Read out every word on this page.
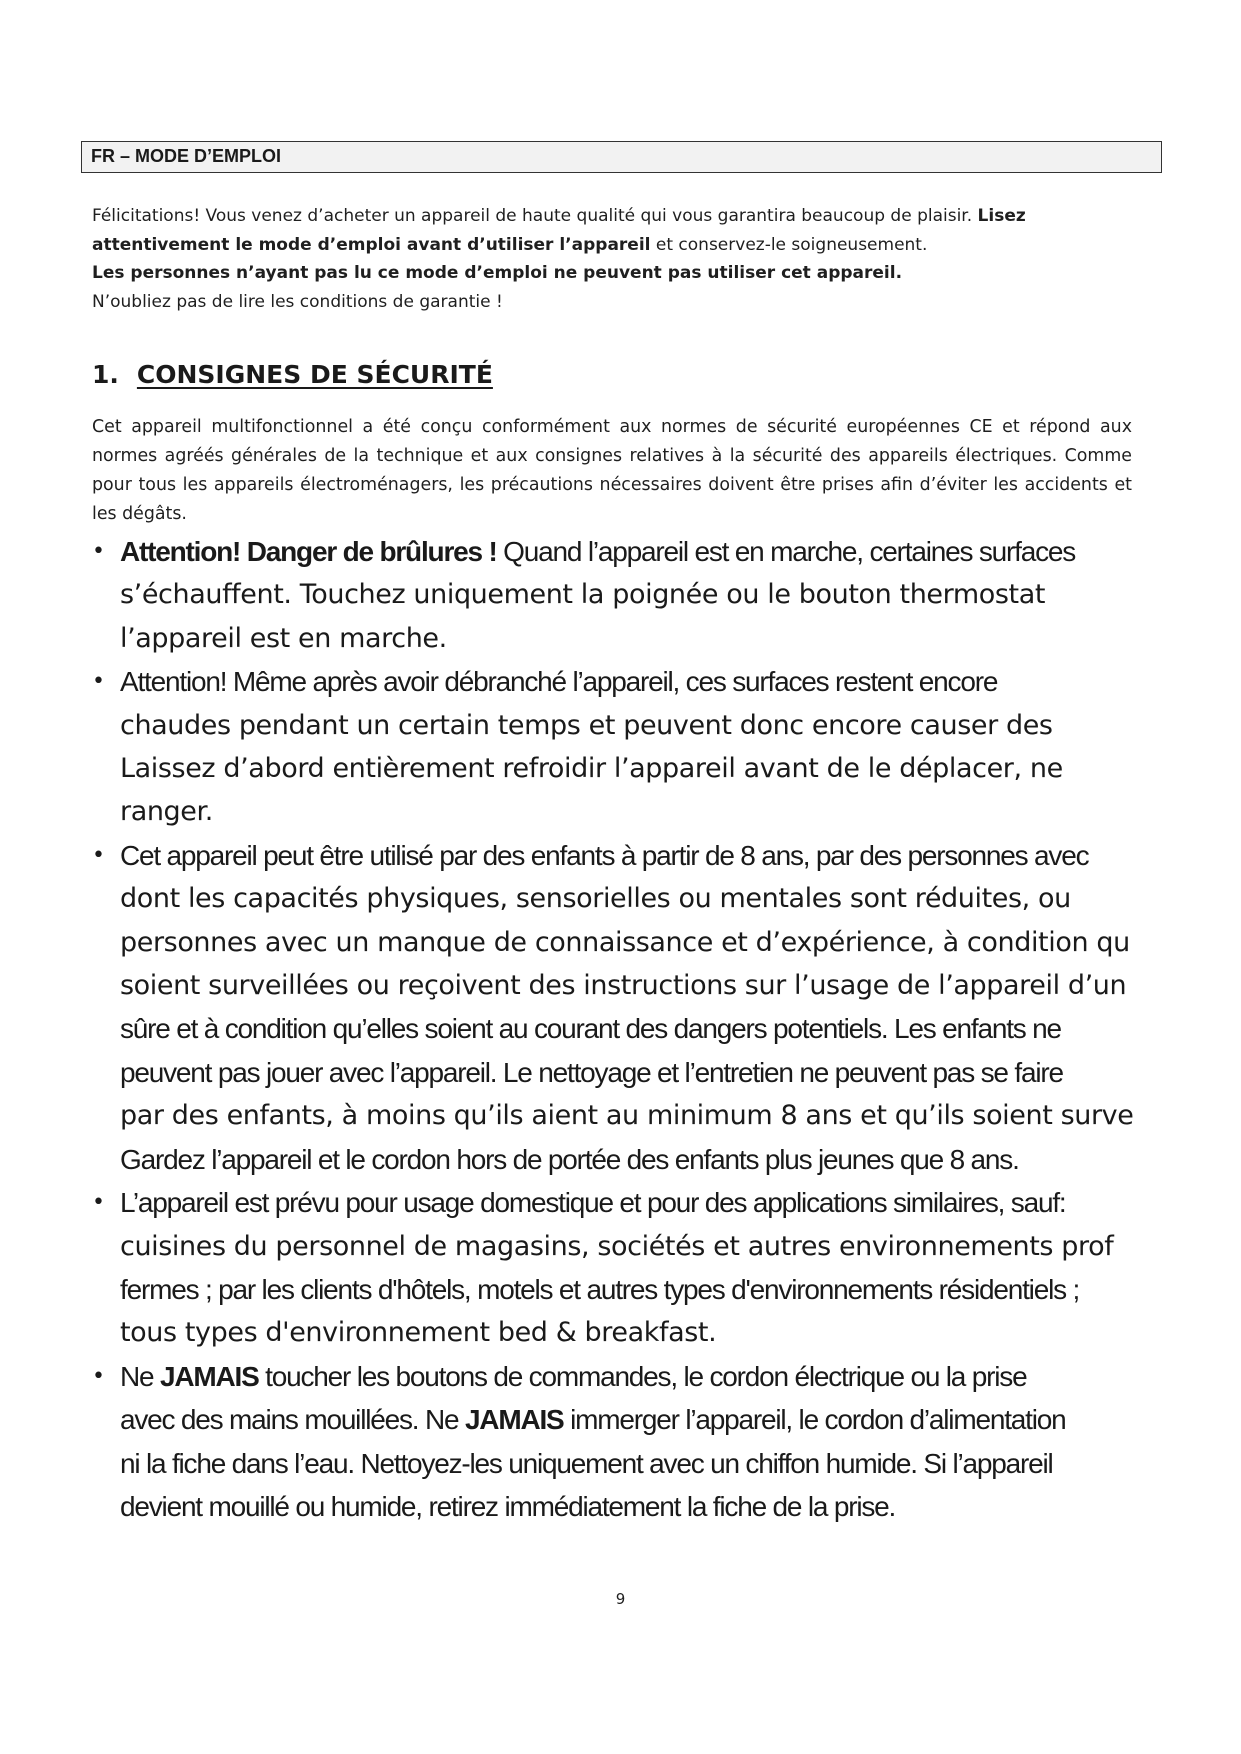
FR – MODE D’EMPLOI

Félicitations! Vous venez d’acheter un appareil de haute qualité qui vous garantira beaucoup de plaisir. Lisez

attentivement le mode d’emploi avant d’utiliser l’appareil et conservez-le soigneusement.

Les personnes n’ayant pas lu ce mode d’emploi ne peuvent pas utiliser cet appareil.

N’oubliez pas de lire les conditions de garantie !

1. CONSIGNES DE SÉCURITÉ
Cet appareil multifonctionnel a été conçu conformément aux normes de sécurité européennes CE et répond aux normes agréés générales de la technique et aux consignes relatives à la sécurité des appareils électriques. Comme pour tous les appareils électroménagers, les précautions nécessaires doivent être prises afin d’éviter les accidents et les dégâts.
• Attention! Danger de brûlures ! Quand l’appareil est en marche, certaines surfaces
s’échauffent. Touchez uniquement la poignée ou le bouton thermostat
l’appareil est en marche.
• Attention! Même après avoir débranché l’appareil, ces surfaces restent encore
chaudes pendant un certain temps et peuvent donc encore causer des
Laissez d’abord entièrement refroidir l’appareil avant de le déplacer, ne
ranger.
• Cet appareil peut être utilisé par des enfants à partir de 8 ans, par des personnes avec
dont les capacités physiques, sensorielles ou mentales sont réduites, ou
personnes avec un manque de connaissance et d’expérience, à condition qu
soient surveillées ou reçoivent des instructions sur l’usage de l’appareil d’un
sûre et à condition qu’elles soient au courant des dangers potentiels. Les enfants ne
peuvent pas jouer avec l’appareil. Le nettoyage et l’entretien ne peuvent pas se faire
par des enfants, à moins qu’ils aient au minimum 8 ans et qu’ils soient surve
Gardez l’appareil et le cordon hors de portée des enfants plus jeunes que 8 ans.
• L’appareil est prévu pour usage domestique et pour des applications similaires, sauf:
cuisines du personnel de magasins, sociétés et autres environnements prof
fermes ; par les clients d'hôtels, motels et autres types d'environnements résidentiels ;
tous types d'environnement bed & breakfast.
• Ne JAMAIS toucher les boutons de commandes, le cordon électrique ou la prise
avec des mains mouillées. Ne JAMAIS immerger l’appareil, le cordon d’alimentation
ni la fiche dans l’eau. Nettoyez-les uniquement avec un chiffon humide. Si l’appareil
devient mouillé ou humide, retirez immédiatement la fiche de la prise.
9
